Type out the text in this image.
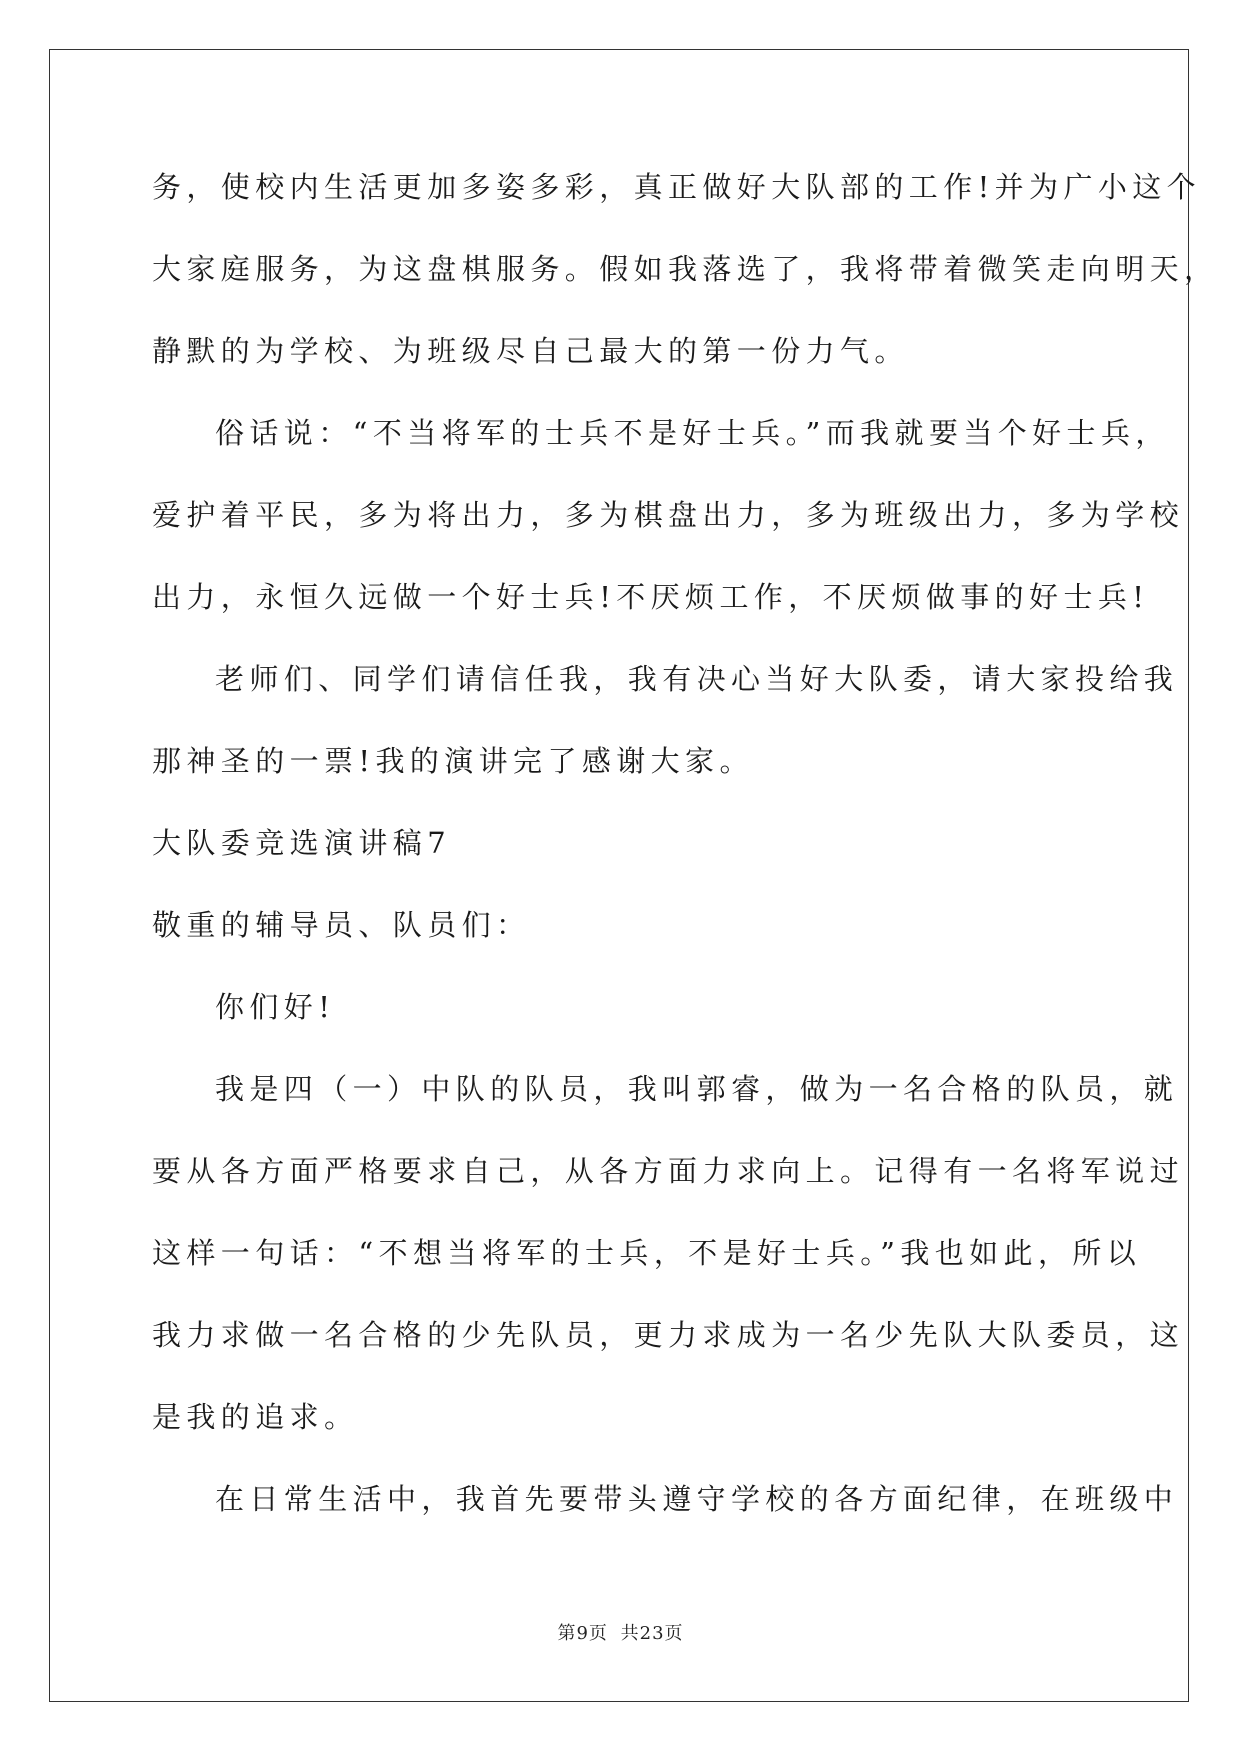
务，使校内生活更加多姿多彩，真正做好大队部的工作!并为广小这个
大家庭服务，为这盘棋服务。假如我落选了，我将带着微笑走向明天，
静默的为学校、为班级尽自己最大的第一份力气。
俗话说：“不当将军的士兵不是好士兵。”而我就要当个好士兵，
爱护着平民，多为将出力，多为棋盘出力，多为班级出力，多为学校
出力，永恒久远做一个好士兵!不厌烦工作，不厌烦做事的好士兵!
老师们、同学们请信任我，我有决心当好大队委，请大家投给我
那神圣的一票!我的演讲完了感谢大家。
大队委竞选演讲稿7
敬重的辅导员、队员们：
你们好!
我是四（一）中队的队员，我叫郭睿，做为一名合格的队员，就
要从各方面严格要求自己，从各方面力求向上。记得有一名将军说过
这样一句话：“不想当将军的士兵，不是好士兵。”我也如此，所以
我力求做一名合格的少先队员，更力求成为一名少先队大队委员，这
是我的追求。
在日常生活中，我首先要带头遵守学校的各方面纪律，在班级中
第9页 共23页
